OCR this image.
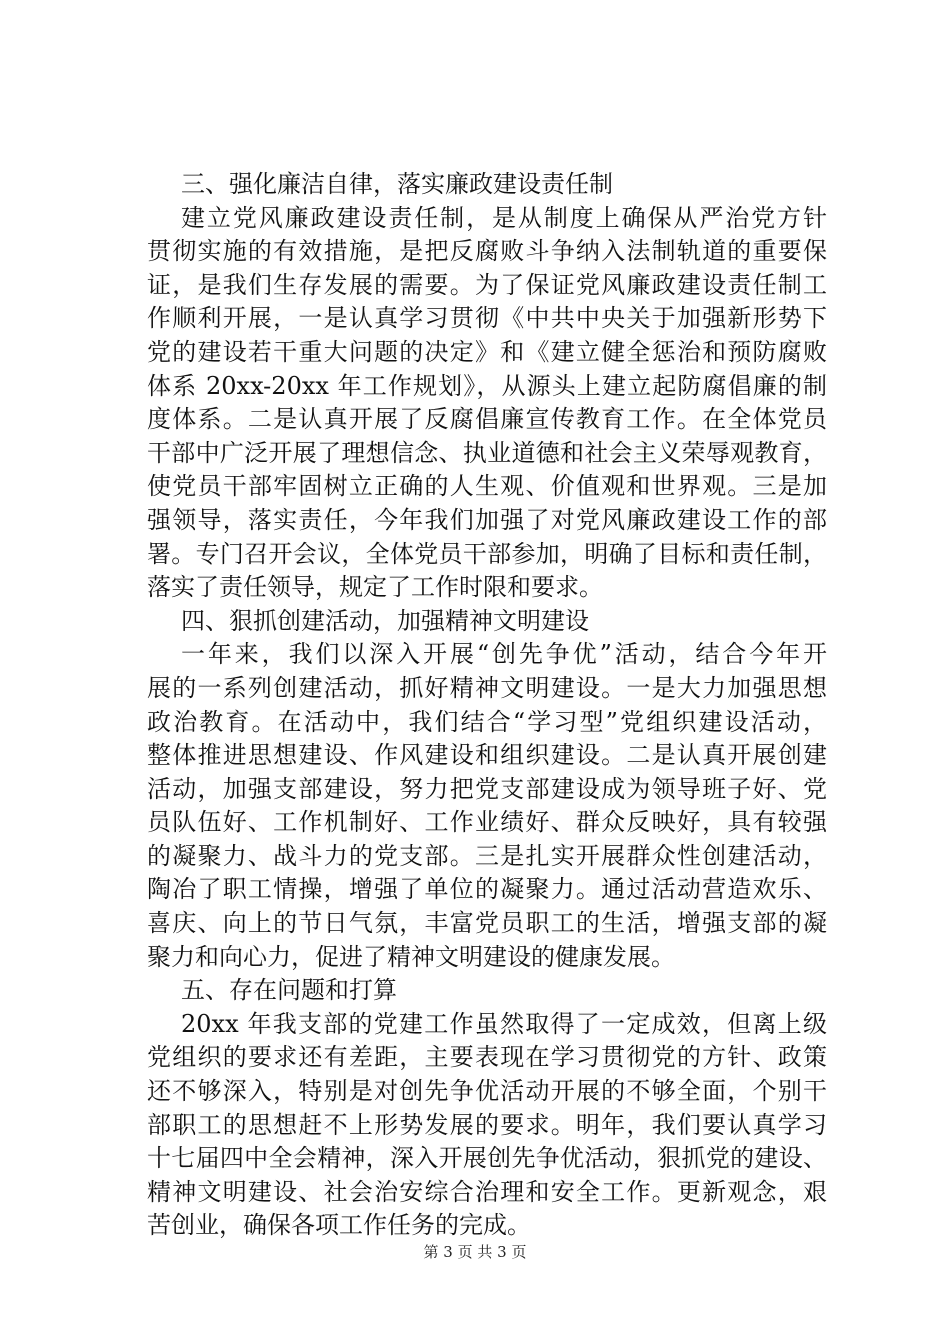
三、强化廉洁自律，落实廉政建设责任制
建立党风廉政建设责任制，是从制度上确保从严治党方针
贯彻实施的有效措施，是把反腐败斗争纳入法制轨道的重要保
证，是我们生存发展的需要。为了保证党风廉政建设责任制工
作顺利开展，一是认真学习贯彻《中共中央关于加强新形势下
党的建设若干重大问题的决定》和《建立健全惩治和预防腐败
体系 20xx-20xx 年工作规划》，从源头上建立起防腐倡廉的制
度体系。二是认真开展了反腐倡廉宣传教育工作。在全体党员
干部中广泛开展了理想信念、执业道德和社会主义荣辱观教育，
使党员干部牢固树立正确的人生观、价值观和世界观。三是加
强领导，落实责任，今年我们加强了对党风廉政建设工作的部
署。专门召开会议，全体党员干部参加，明确了目标和责任制，
落实了责任领导，规定了工作时限和要求。
四、狠抓创建活动，加强精神文明建设
一年来，我们以深入开展“创先争优”活动，结合今年开
展的一系列创建活动，抓好精神文明建设。一是大力加强思想
政治教育。在活动中，我们结合“学习型”党组织建设活动，
整体推进思想建设、作风建设和组织建设。二是认真开展创建
活动，加强支部建设，努力把党支部建设成为领导班子好、党
员队伍好、工作机制好、工作业绩好、群众反映好，具有较强
的凝聚力、战斗力的党支部。三是扎实开展群众性创建活动，
陶冶了职工情操，增强了单位的凝聚力。通过活动营造欢乐、
喜庆、向上的节日气氛，丰富党员职工的生活，增强支部的凝
聚力和向心力，促进了精神文明建设的健康发展。
五、存在问题和打算
20xx 年我支部的党建工作虽然取得了一定成效，但离上级
党组织的要求还有差距，主要表现在学习贯彻党的方针、政策
还不够深入，特别是对创先争优活动开展的不够全面，个别干
部职工的思想赶不上形势发展的要求。明年，我们要认真学习
十七届四中全会精神，深入开展创先争优活动，狠抓党的建设、
精神文明建设、社会治安综合治理和安全工作。更新观念，艰
苦创业，确保各项工作任务的完成。
第 3 页 共 3 页
